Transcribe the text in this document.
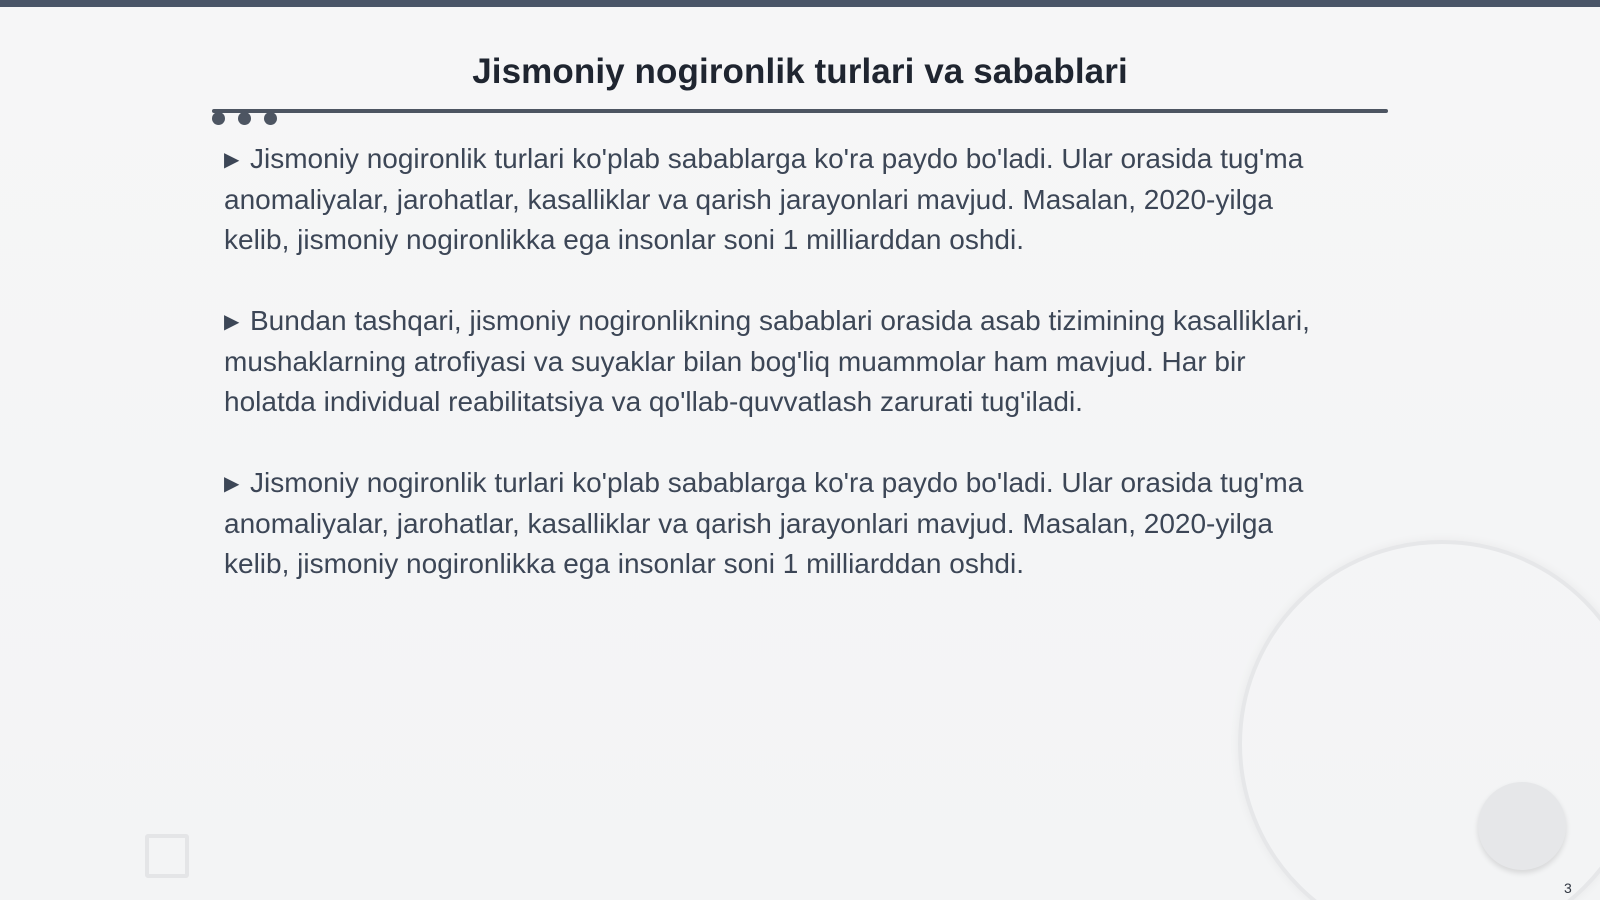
Jismoniy nogironlik turlari va sabablari

▶ Jismoniy nogironlik turlari ko'plab sabablarga ko'ra paydo bo'ladi. Ular orasida tug'ma anomaliyalar, jarohatlar, kasalliklar va qarish jarayonlari mavjud. Masalan, 2020-yilga kelib, jismoniy nogironlikka ega insonlar soni 1 milliarddan oshdi.

▶ Bundan tashqari, jismoniy nogironlikning sabablari orasida asab tizimining kasalliklari, mushaklarning atrofiyasi va suyaklar bilan bog'liq muammolar ham mavjud. Har bir holatda individual reabilitatsiya va qo'llab-quvvatlash zarurati tug'iladi.

▶ Jismoniy nogironlik turlari ko'plab sabablarga ko'ra paydo bo'ladi. Ular orasida tug'ma anomaliyalar, jarohatlar, kasalliklar va qarish jarayonlari mavjud. Masalan, 2020-yilga kelib, jismoniy nogironlikka ega insonlar soni 1 milliarddan oshdi.

3
